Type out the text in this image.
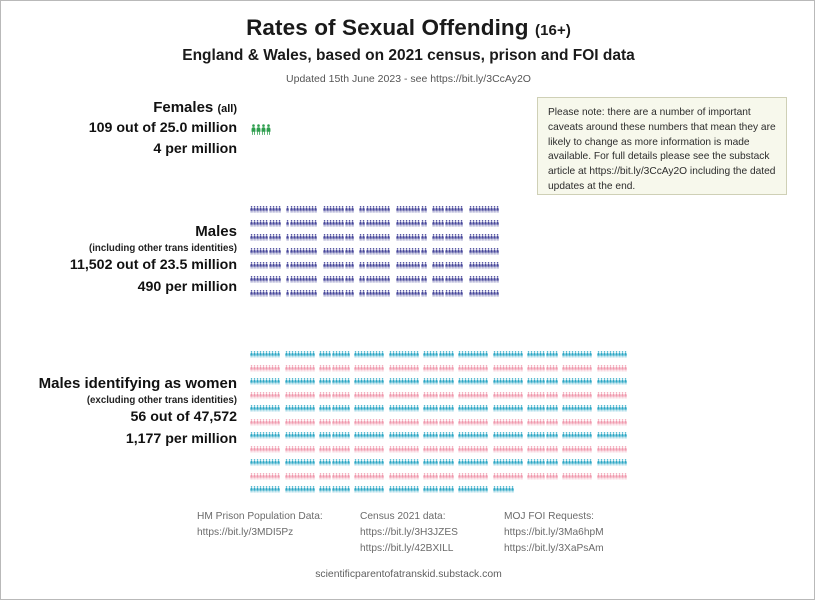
Rates of Sexual Offending (16+)
England & Wales, based on 2021 census, prison and FOI data
Updated 15th June 2023 - see https://bit.ly/3CcAy2O
Please note: there are a number of important caveats around these numbers that mean they are likely to change as more information is made available. For full details please see the substack article at https://bit.ly/3CcAy2O including the dated updates at the end.
Females (all)
109 out of 25.0 million
4 per million
Males
(including other trans identities)
11,502 out of 23.5 million
490 per million
Males identifying as women
(excluding other trans identities)
56 out of 47,572
1,177 per million
HM Prison Population Data:
https://bit.ly/3MDI5Pz
Census 2021 data:
https://bit.ly/3H3JZES
https://bit.ly/42BXILL
MOJ FOI Requests:
https://bit.ly/3Ma6hpM
https://bit.ly/3XaPsAm
scientificparentofatranskid.substack.com
